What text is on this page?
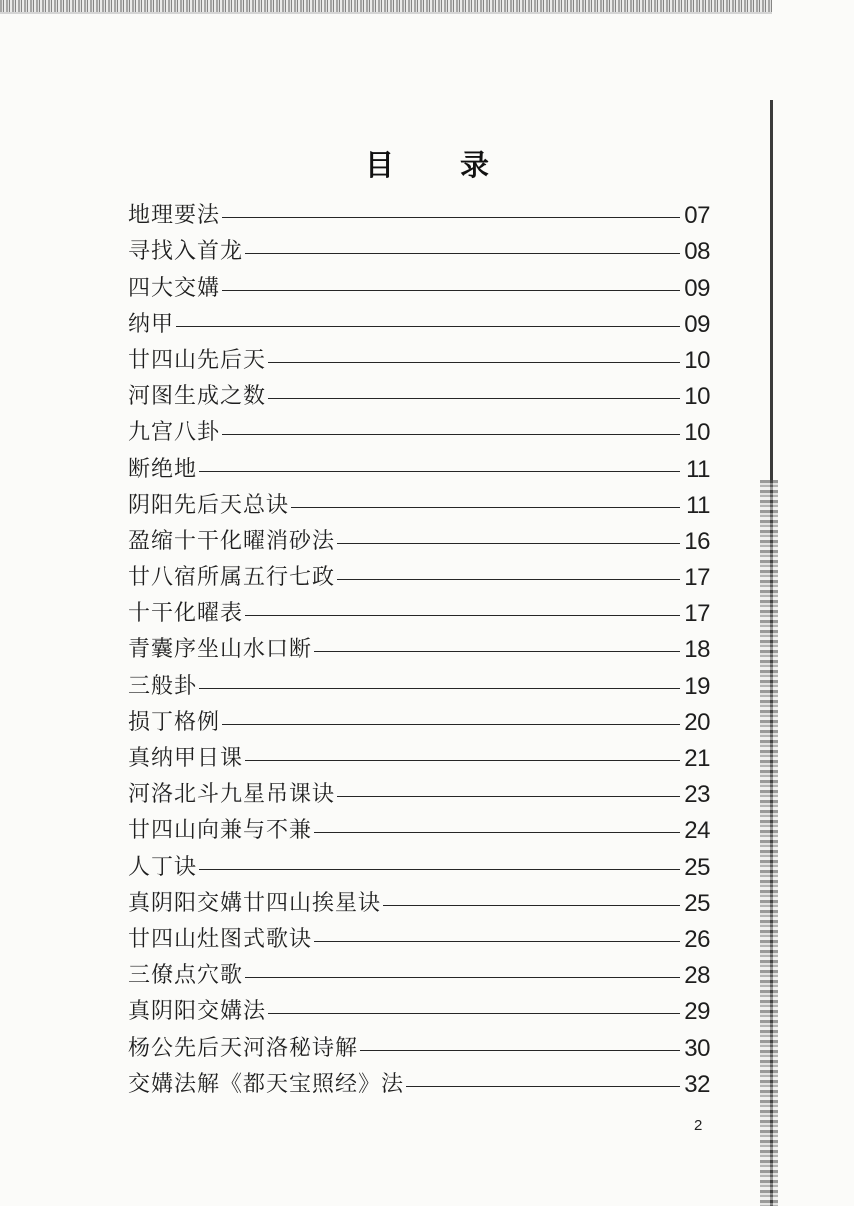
目 录
地理要法	07
寻找入首龙	08
四大交媾	09
纳甲	09
廿四山先后天	10
河图生成之数	10
九宫八卦	10
断绝地	11
阴阳先后天总诀	11
盈缩十干化曜消砂法	16
廿八宿所属五行七政	17
十干化曜表	17
青囊序坐山水口断	18
三般卦	19
损丁格例	20
真纳甲日课	21
河洛北斗九星吊课诀	23
廿四山向兼与不兼	24
人丁诀	25
真阴阳交媾廿四山挨星诀	25
廿四山灶图式歌诀	26
三僚点穴歌	28
真阴阳交媾法	29
杨公先后天河洛秘诗解	30
交媾法解《都天宝照经》法	32
2
